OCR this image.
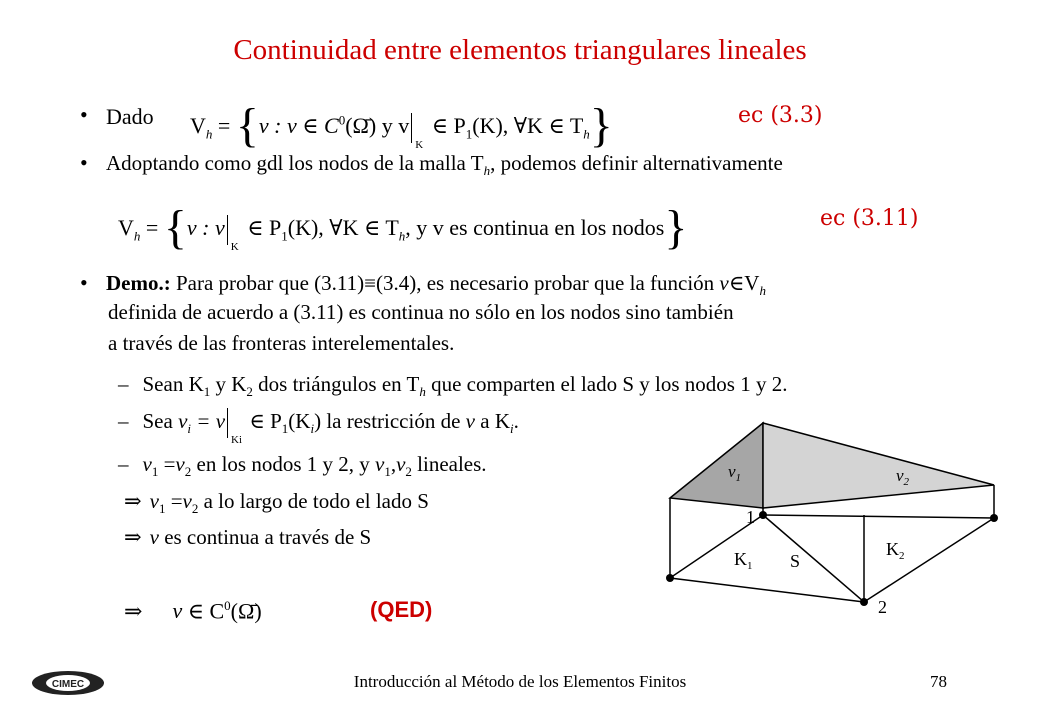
Continuidad entre elementos triangulares lineales
• Dado $V_h = \{v$ : v ∈ $C^0(\Omegā)$ y v
K
∈ $P_1(K)$, ∀K ∈ $T_h$}	ec (3.3)
• Adoptando como gdl los nodos de la malla $T_h$, podemos definir alternativamente
$V_h = \{v$ : v
K
∈ $P_1(K)$, ∀K ∈ $T_h$, y v es continua en los nodos}	ec (3.11)
• Demo.: Para probar que (3.11)≡(3.4), es necesario probar que la función $v\in V_h$
definida de acuerdo a (3.11) es continua no sólo en los nodos sino también
a través de las fronteras interelementales.
– Sean $K_1$ y $K_2$ dos triángulos en $T_h$ que comparten el lado S y los nodos 1 y 2.
– Sea $v_i = v$
Ki
∈ $P_1(K_i)$ la restricción de v a $K_i$.
– $v_1 =v_2$ en los nodos 1 y 2, y $v_1,v_2$ lineales.
⇒ $v_1 =v_2$ a lo largo de todo el lado S
⇒ v es continua a través de S
⇒ v ∈ $C^0(\Omegā)$	(QED)
$v_1$	$v_2$
1
2
$K_1$
$K_2$
S
CIMEC	Introducción al Método de los Elementos Finitos	78
